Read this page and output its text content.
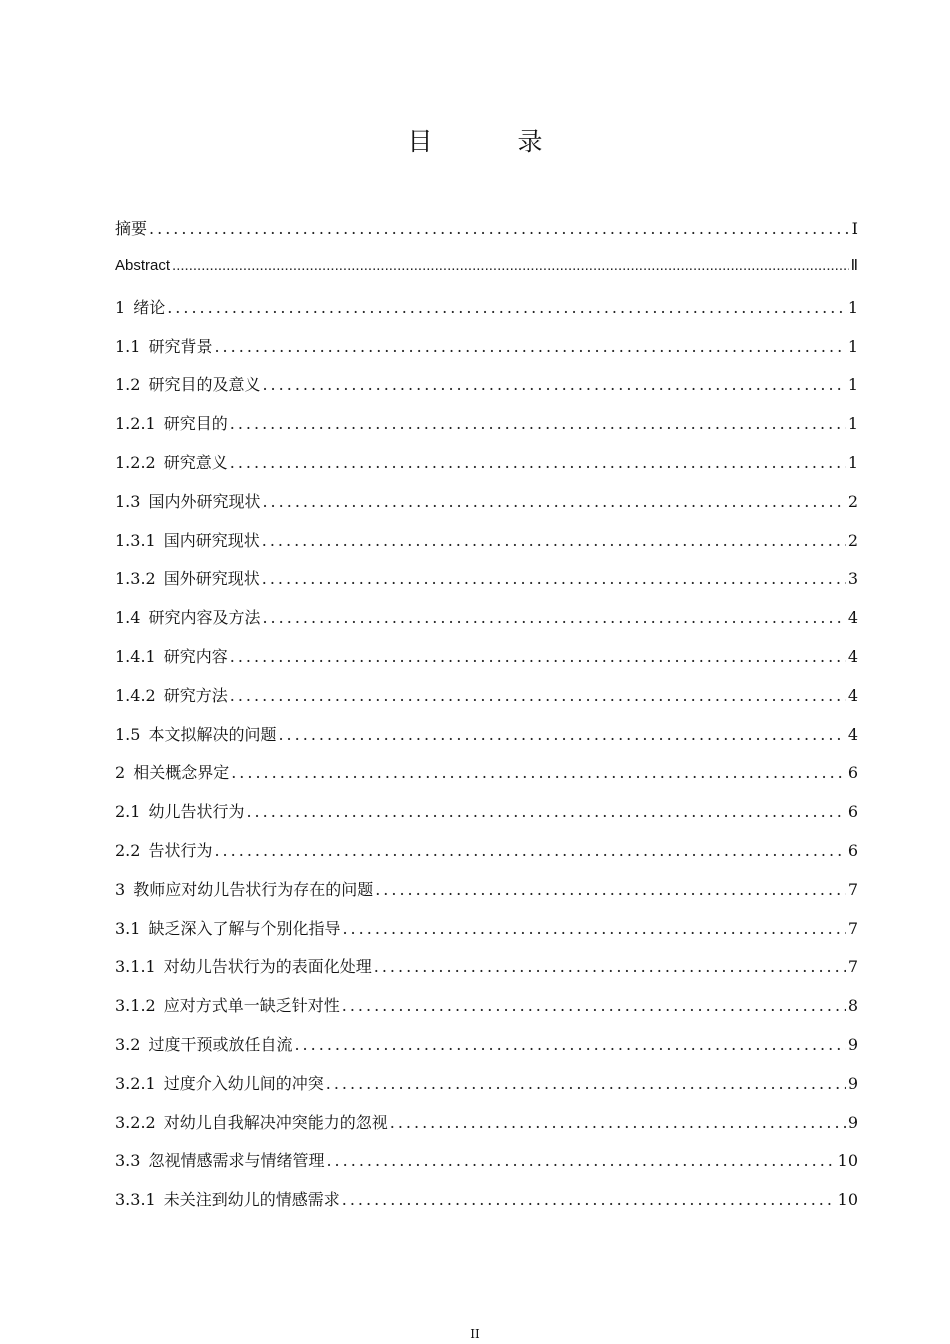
目　录
摘要 .....	Ⅰ
Abstract .....	Ⅱ
1 绪论 .....	1
1.1 研究背景 .....	1
1.2 研究目的及意义 .....	1
1.2.1 研究目的 .....	1
1.2.2 研究意义 .....	1
1.3 国内外研究现状 .....	2
1.3.1 国内研究现状 .....	2
1.3.2 国外研究现状 .....	3
1.4 研究内容及方法 .....	4
1.4.1 研究内容 .....	4
1.4.2 研究方法 .....	4
1.5 本文拟解决的问题 .....	4
2 相关概念界定 .....	6
2.1 幼儿告状行为 .....	6
2.2 告状行为 .....	6
3 教师应对幼儿告状行为存在的问题 .....	7
3.1 缺乏深入了解与个别化指导 .....	7
3.1.1 对幼儿告状行为的表面化处理 .....	7
3.1.2 应对方式单一缺乏针对性 .....	8
3.2 过度干预或放任自流 .....	9
3.2.1 过度介入幼儿间的冲突 .....	9
3.2.2 对幼儿自我解决冲突能力的忽视 .....	9
3.3 忽视情感需求与情绪管理 .....	10
3.3.1 未关注到幼儿的情感需求 .....	10
II
